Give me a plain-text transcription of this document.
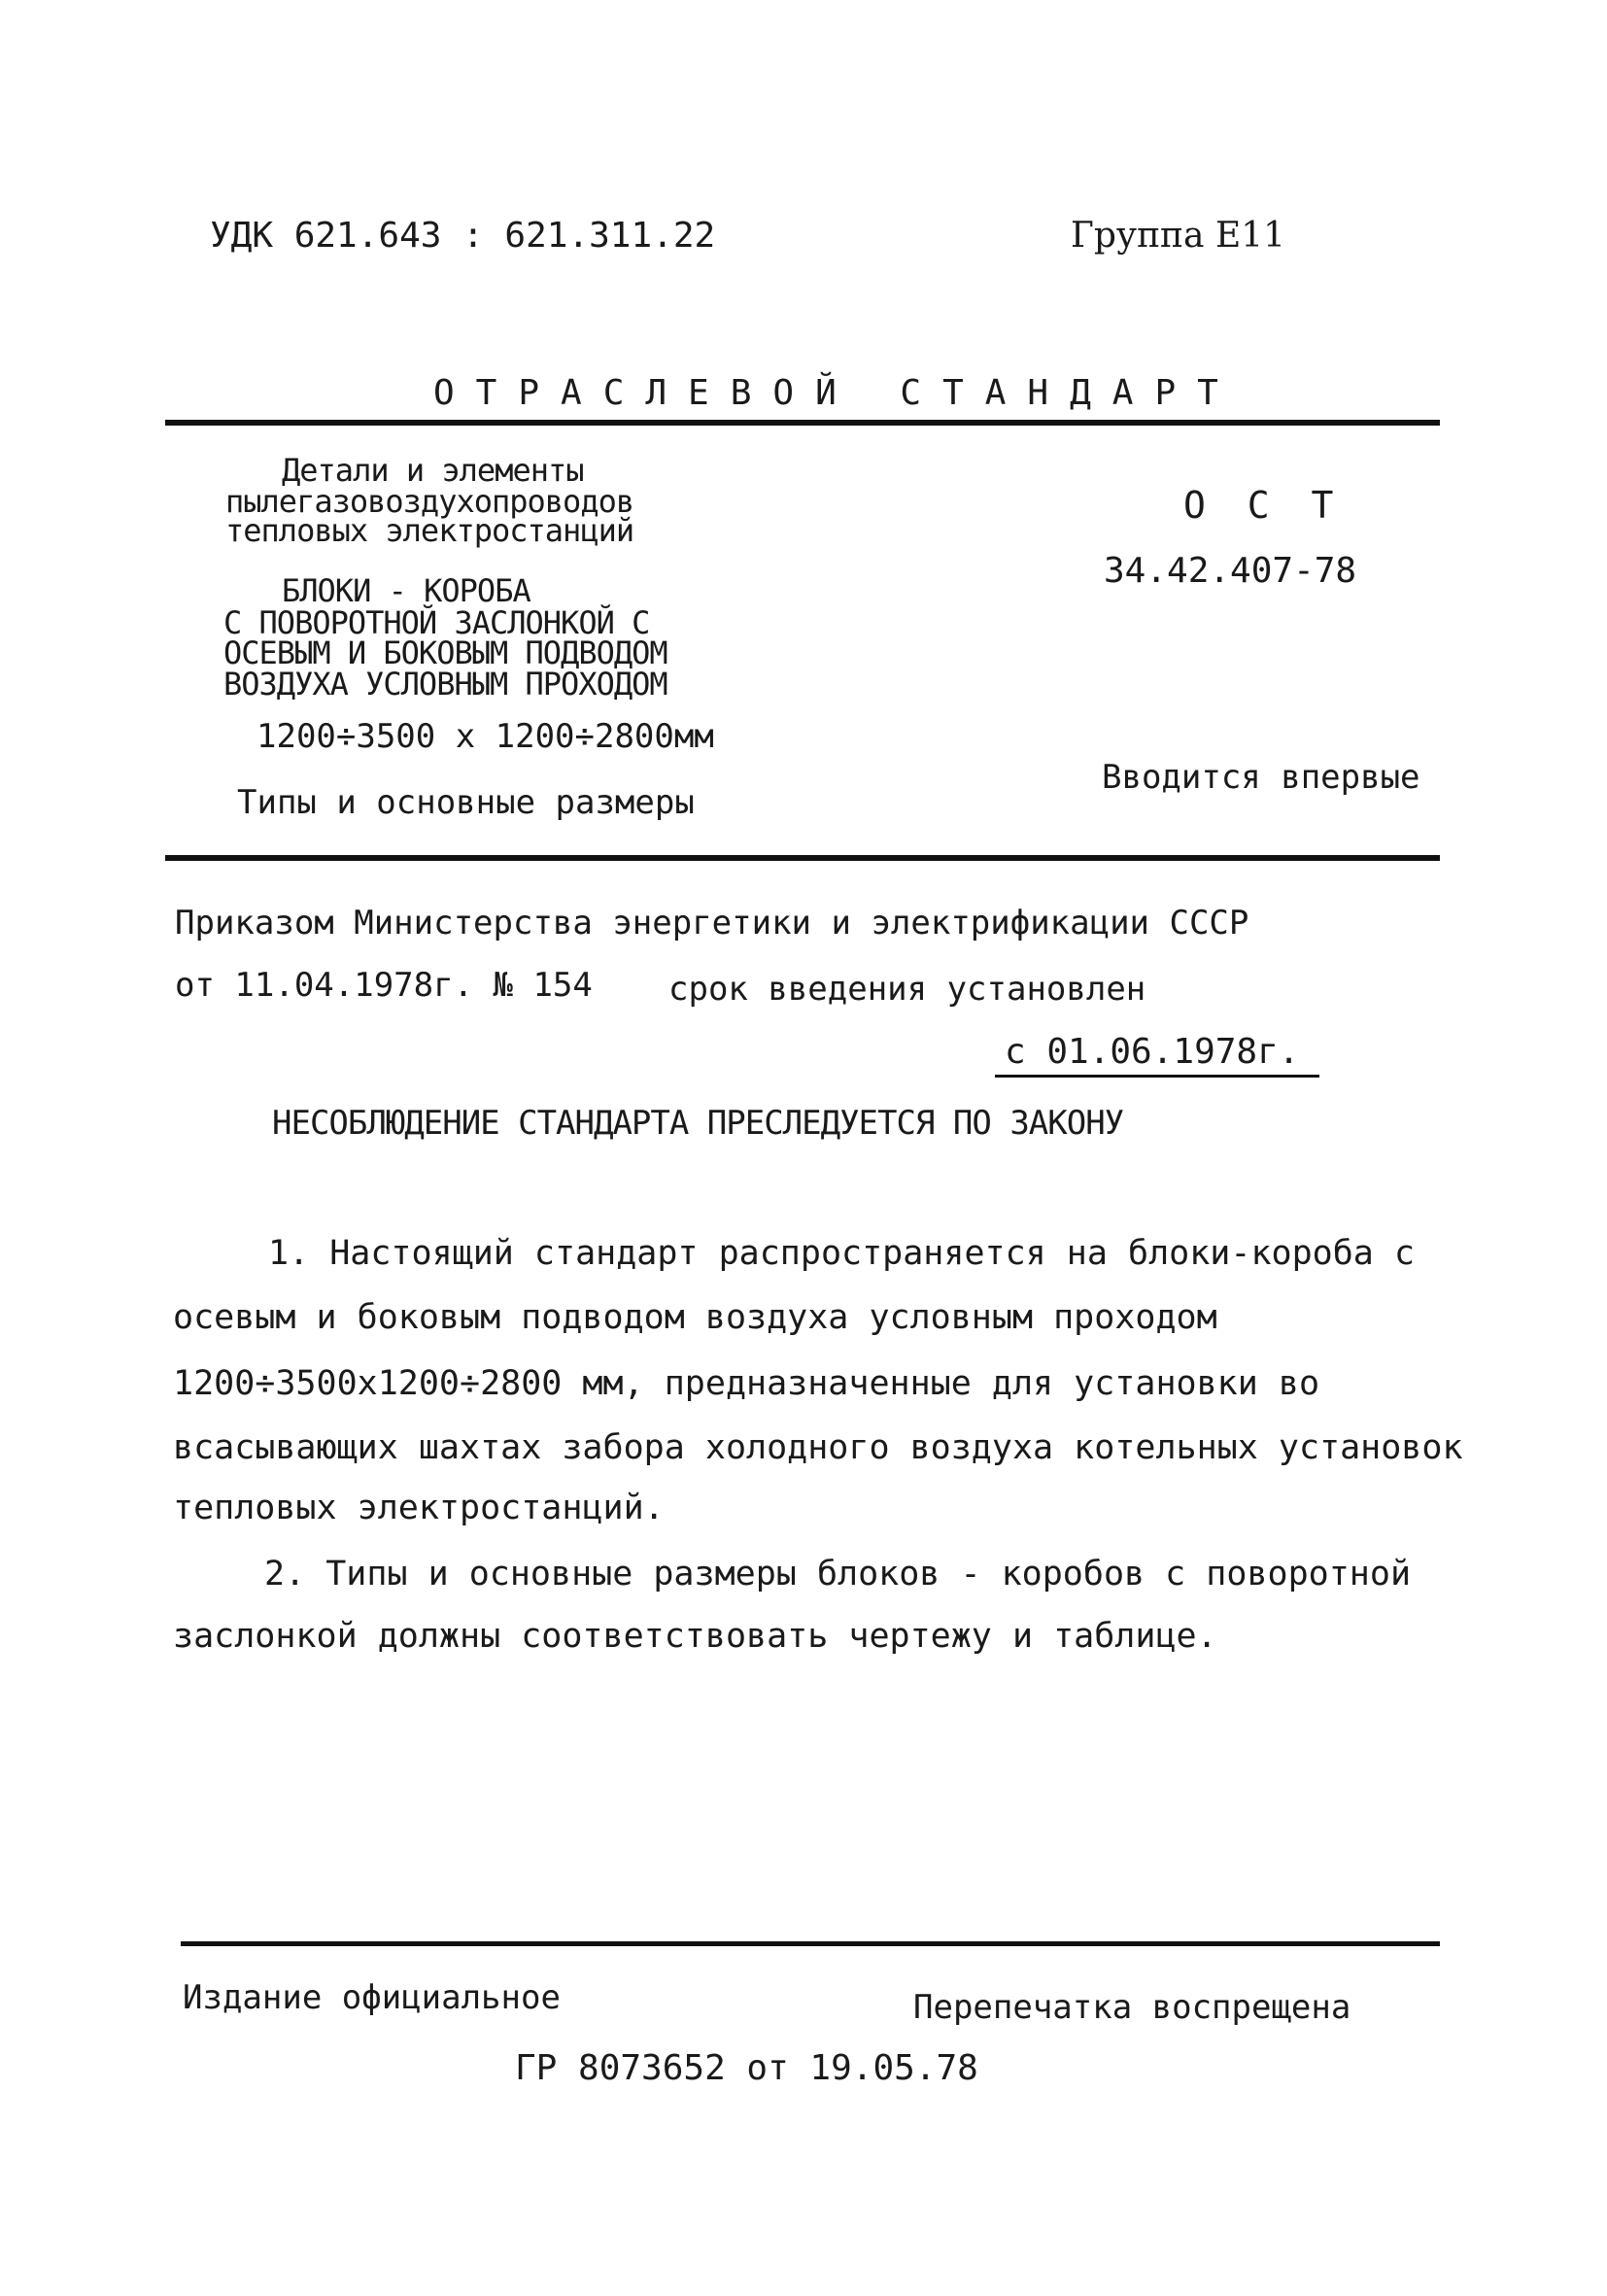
УДК 621.643 : 621.311.22	Группа Е11
ОТРАСЛЕВОЙ СТАНДАРТ
Детали и элементы
пылегазовоздухопроводов
тепловых электростанций
БЛОКИ - КОРОБА
С ПОВОРОТНОЙ ЗАСЛОНКОЙ С
ОСЕВЫМ И БОКОВЫМ ПОДВОДОМ
ВОЗДУХА УСЛОВНЫМ ПРОХОДОМ
1200÷3500 х 1200÷2800мм
Типы и основные размеры
О С Т
34.42.407-78
Вводится впервые
Приказом Министерства энергетики и электрификации СССР
от 11.04.1978г. № 154 срок введения установлен
с 01.06.1978г.
НЕСОБЛЮДЕНИЕ СТАНДАРТА ПРЕСЛЕДУЕТСЯ ПО ЗАКОНУ
1. Настоящий стандарт распространяется на блоки-короба с
осевым и боковым подводом воздуха условным проходом
1200÷3500х1200÷2800 мм, предназначенные для установки во
всасывающих шахтах забора холодного воздуха котельных установок
тепловых электростанций.
2. Типы и основные размеры блоков - коробов с поворотной
заслонкой должны соответствовать чертежу и таблице.
Издание официальное	Перепечатка воспрещена
ГР 8073652 от 19.05.78
